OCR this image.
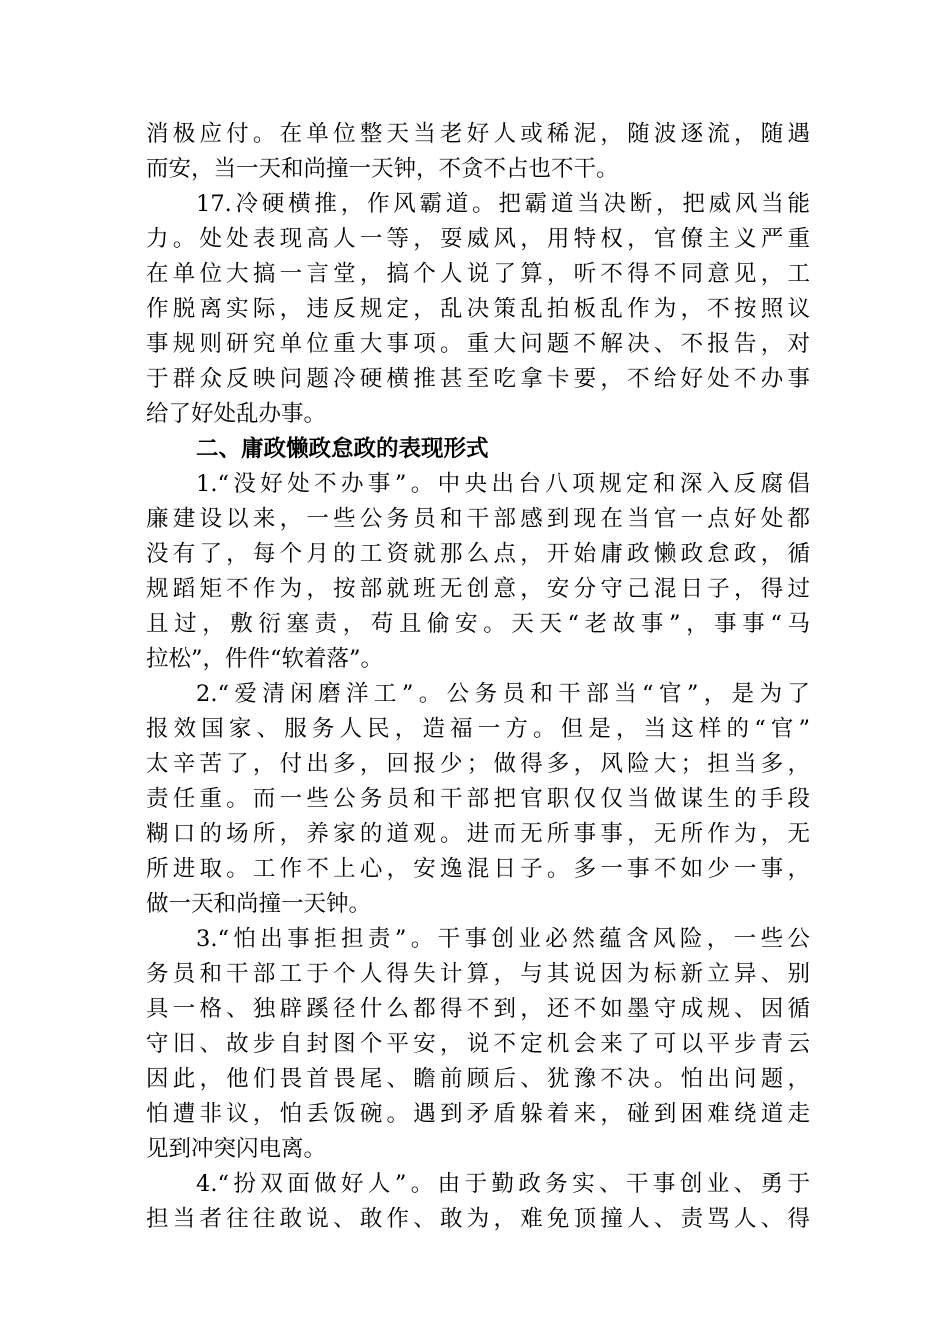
消极应付。在单位整天当老好人或稀泥，随波逐流，随遇
而安，当一天和尚撞一天钟，不贪不占也不干。
17.冷硬横推，作风霸道。把霸道当决断，把威风当能
力。处处表现高人一等，耍威风，用特权，官僚主义严重
在单位大搞一言堂，搞个人说了算，听不得不同意见，工
作脱离实际，违反规定，乱决策乱拍板乱作为，不按照议
事规则研究单位重大事项。重大问题不解决、不报告，对
于群众反映问题冷硬横推甚至吃拿卡要，不给好处不办事
给了好处乱办事。
二、庸政懒政怠政的表现形式
1.“没好处不办事”。中央出台八项规定和深入反腐倡
廉建设以来，一些公务员和干部感到现在当官一点好处都
没有了，每个月的工资就那么点，开始庸政懒政怠政，循
规蹈矩不作为，按部就班无创意，安分守己混日子，得过
且过，敷衍塞责，苟且偷安。天天“老故事”，事事“马
拉松”，件件“软着落”。
2.“爱清闲磨洋工”。公务员和干部当“官”，是为了
报效国家、服务人民，造福一方。但是，当这样的“官”
太辛苦了，付出多，回报少；做得多，风险大；担当多，
责任重。而一些公务员和干部把官职仅仅当做谋生的手段
糊口的场所，养家的道观。进而无所事事，无所作为，无
所进取。工作不上心，安逸混日子。多一事不如少一事，
做一天和尚撞一天钟。
3.“怕出事拒担责”。干事创业必然蕴含风险，一些公
务员和干部工于个人得失计算，与其说因为标新立异、别
具一格、独辟蹊径什么都得不到，还不如墨守成规、因循
守旧、故步自封图个平安，说不定机会来了可以平步青云
因此，他们畏首畏尾、瞻前顾后、犹豫不决。怕出问题，
怕遭非议，怕丢饭碗。遇到矛盾躲着来，碰到困难绕道走
见到冲突闪电离。
4.“扮双面做好人”。由于勤政务实、干事创业、勇于
担当者往往敢说、敢作、敢为，难免顶撞人、责骂人、得
